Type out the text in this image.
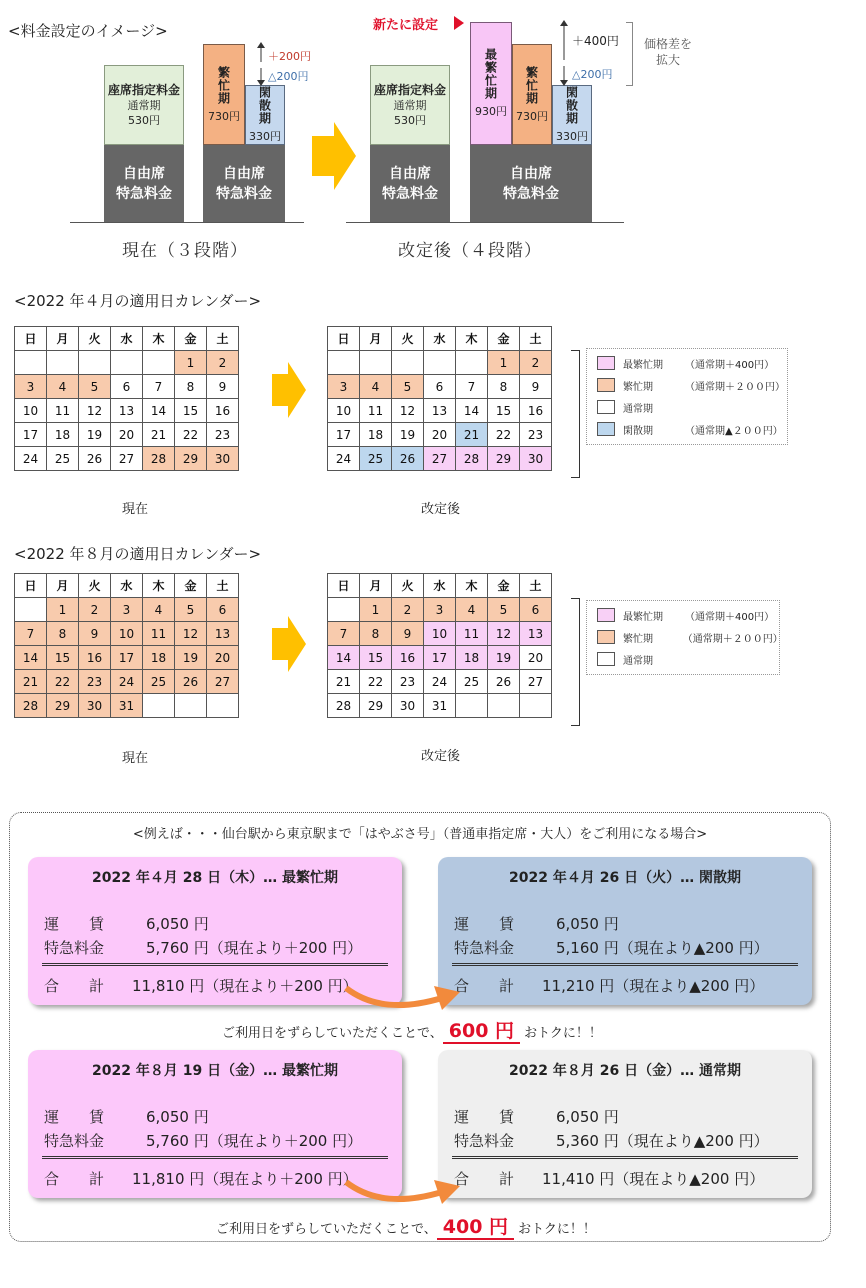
<料金設定のイメージ>
自由席
特急料金
自由席
特急料金
座席指定料金
通常期
530円
繁忙期
730円 閑散期
330円
＋200円
△200円
現在（３段階）
新たに設定
自由席
特急料金
自由席
特急料金
座席指定料金
通常期
530円
最繁忙期
930円
繁忙期
730円 閑散期
330円
＋400円
△200円
価格差を
拡大
改定後（４段階）
<2022 年４月の適用日カレンダー>
日	月	火	水	木	金	土
					1	2
3	4	5	6	7	8	9
10	11	12	13	14	15	16
17	18	19	20	21	22	23
24	25	26	27	28	29	30
日	月	火	水	木	金	土
					1	2
3	4	5	6	7	8	9
10	11	12	13	14	15	16
17	18	19	20	21	22	23
24	25	26	27	28	29	30
最繁忙期	（通常期＋400円）
繁忙期	（通常期＋２００円）
通常期
閑散期	（通常期▲２００円）
現在	改定後
<2022 年８月の適用日カレンダー>
日	月	火	水	木	金	土
	1	2	3	4	5	6
7	8	9	10	11	12	13
14	15	16	17	18	19	20
21	22	23	24	25	26	27
28	29	30	31			
日	月	火	水	木	金	土
	1	2	3	4	5	6
7	8	9	10	11	12	13
14	15	16	17	18	19	20
21	22	23	24	25	26	27
28	29	30	31			
最繁忙期	（通常期＋400円）
繁忙期	（通常期＋２００円）
通常期
現在	改定後
<例えば・・・仙台駅から東京駅まで「はやぶさ号」（普通車指定席・大人）をご利用になる場合>
2022 年４月 28 日（木）… 最繁忙期
運　　賃	6,050 円
特急料金	5,760 円（現在より＋200 円）
合　　計 11,810 円（現在より＋200 円）
2022 年４月 26 日（火）… 閑散期
運　　賃	6,050 円
特急料金	5,160 円（現在より▲200 円）
合　　計 11,210 円（現在より▲200 円）
2022 年８月 19 日（金）… 最繁忙期
運　　賃	6,050 円
特急料金	5,760 円（現在より＋200 円）
合　　計 11,810 円（現在より＋200 円）
2022 年８月 26 日（金）… 通常期
運　　賃	6,050 円
特急料金	5,360 円（現在より▲200 円）
合　　計 11,410 円（現在より▲200 円）
ご利用日をずらしていただくことで、 600 円 おトクに！！
ご利用日をずらしていただくことで、 400 円 おトクに！！
